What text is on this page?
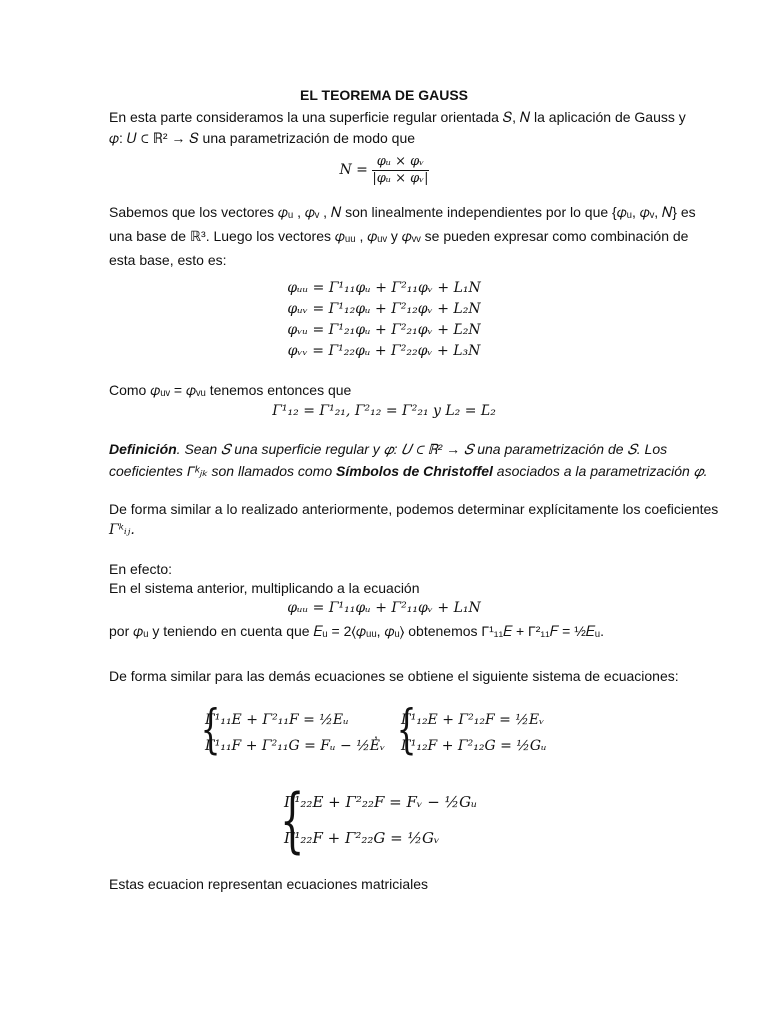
EL TEOREMA DE GAUSS
En esta parte consideramos la una superficie regular orientada 𝑆, 𝑁 la aplicación de Gauss y
𝜑: 𝑈 ⊂ ℝ² → 𝑆 una parametrización de modo que
𝑁 = $\frac{\text{𝜑ᵤ × 𝜑ᵥ}}{\text{|𝜑ᵤ × 𝜑ᵥ|}}$
Sabemos que los vectores 𝜑ᵤ , 𝜑ᵥ , 𝑁 son linealmente independientes por lo que {𝜑ᵤ, 𝜑ᵥ, 𝑁} es
una base de ℝ³. Luego los vectores 𝜑ᵤᵤ , 𝜑ᵤᵥ y 𝜑ᵥᵥ se pueden expresar como combinación de
esta base, esto es:
𝜑ᵤᵤ = Γ¹₁₁𝜑ᵤ + Γ²₁₁𝜑ᵥ + 𝐿₁𝑁
𝜑ᵤᵥ = Γ¹₁₂𝜑ᵤ + Γ²₁₂𝜑ᵥ + 𝐿₂𝑁
𝜑ᵥᵤ = Γ¹₂₁𝜑ᵤ + Γ²₂₁𝜑ᵥ + 𝐿̄₂𝑁
𝜑ᵥᵥ = Γ¹₂₂𝜑ᵤ + Γ²₂₂𝜑ᵥ + 𝐿₃𝑁
Como 𝜑ᵤᵥ = 𝜑ᵥᵤ tenemos entonces que
Γ¹₁₂ = Γ¹₂₁, Γ²₁₂ = Γ²₂₁ y 𝐿₂ = 𝐿̄₂
Definición. Sean 𝑆 una superficie regular y 𝜑: 𝑈 ⊂ ℝ² → 𝑆 una parametrización de 𝑆. Los
coeficientes Γᵏⱼₖ son llamados como Símbolos de Christoffel asociados a la parametrización 𝜑.
De forma similar a lo realizado anteriormente, podemos determinar explícitamente los coeficientes
Γᵏᵢⱼ.
En efecto:
En el sistema anterior, multiplicando a la ecuación
𝜑ᵤᵤ = Γ¹₁₁𝜑ᵤ + Γ²₁₁𝜑ᵥ + 𝐿₁𝑁
por 𝜑ᵤ y teniendo en cuenta que 𝐸ᵤ = 2⟨𝜑ᵤᵤ, 𝜑ᵤ⟩ obtenemos Γ¹₁₁𝐸 + Γ²₁₁𝐹 = ½𝐸ᵤ.
De forma similar para las demás ecuaciones se obtiene el siguiente sistema de ecuaciones:
{
Γ¹₁₁𝐸 + Γ²₁₁𝐹 = ½𝐸ᵤ
Γ¹₁₁𝐹 + Γ²₁₁𝐺 = 𝐹ᵤ − ½𝐸ᵥ
, {
Γ¹₁₂𝐸 + Γ²₁₂𝐹 = ½𝐸ᵥ
Γ¹₁₂𝐹 + Γ²₁₂𝐺 = ½𝐺ᵤ
{
Γ¹₂₂𝐸 + Γ²₂₂𝐹 = 𝐹ᵥ − ½𝐺ᵤ
Γ¹₂₂𝐹 + Γ²₂₂𝐺 = ½𝐺ᵥ
Estas ecuacion representan ecuaciones matriciales
